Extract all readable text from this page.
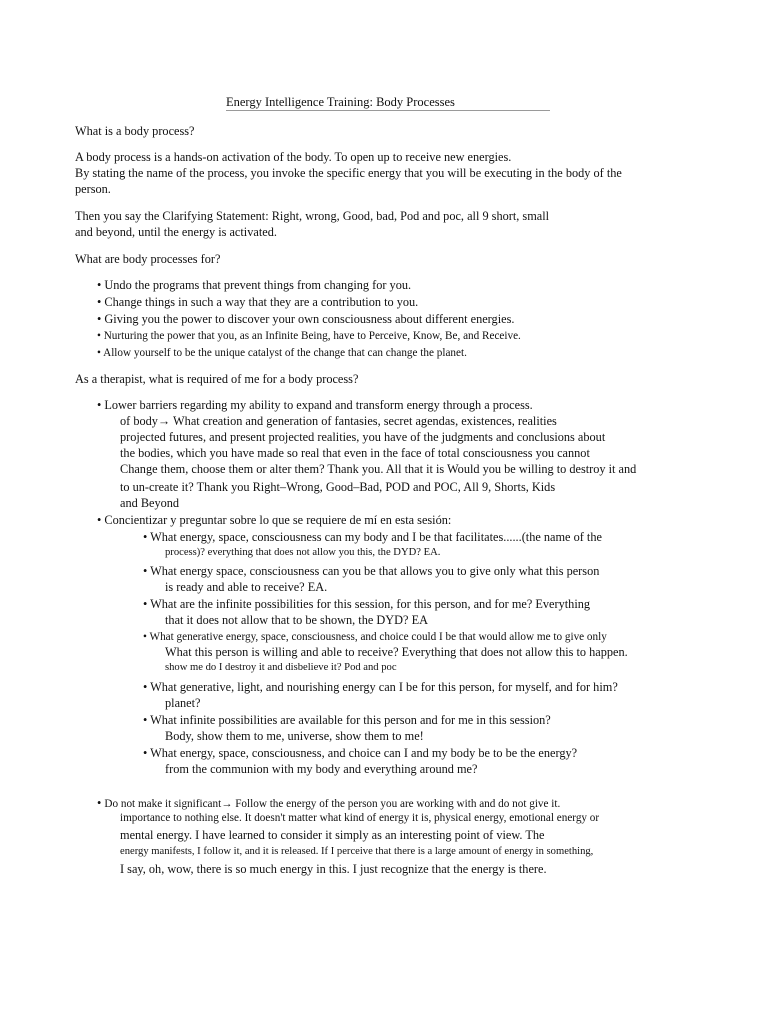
Energy Intelligence Training: Body Processes
What is a body process?
A body process is a hands-on activation of the body. To open up to receive new energies.
By stating the name of the process, you invoke the specific energy that you will be executing in the body of the
person.
Then you say the Clarifying Statement: Right, wrong, Good, bad, Pod and poc, all 9 short, small
and beyond, until the energy is activated.
What are body processes for?
• Undo the programs that prevent things from changing for you.
• Change things in such a way that they are a contribution to you.
• Giving you the power to discover your own consciousness about different energies.
• Nurturing the power that you, as an Infinite Being, have to Perceive, Know, Be, and Receive.
• Allow yourself to be the unique catalyst of the change that can change the planet.
As a therapist, what is required of me for a body process?
• Lower barriers regarding my ability to expand and transform energy through a process.
of body→ What creation and generation of fantasies, secret agendas, existences, realities
projected futures, and present projected realities, you have of the judgments and conclusions about
the bodies, which you have made so real that even in the face of total consciousness you cannot
Change them, choose them or alter them? Thank you. All that it is Would you be willing to destroy it and
to un-create it? Thank you Right–Wrong, Good–Bad, POD and POC, All 9, Shorts, Kids
and Beyond
• Concientizar y preguntar sobre lo que se requiere de mí en esta sesión:
• What energy, space, consciousness can my body and I be that facilitates......(the name of the
process)? everything that does not allow you this, the DYD? EA.
• What energy space, consciousness can you be that allows you to give only what this person
is ready and able to receive? EA.
• What are the infinite possibilities for this session, for this person, and for me? Everything
that it does not allow that to be shown, the DYD? EA
• What generative energy, space, consciousness, and choice could I be that would allow me to give only
What this person is willing and able to receive? Everything that does not allow this to happen.
show me do I destroy it and disbelieve it? Pod and poc
• What generative, light, and nourishing energy can I be for this person, for myself, and for him?
planet?
• What infinite possibilities are available for this person and for me in this session?
Body, show them to me, universe, show them to me!
• What energy, space, consciousness, and choice can I and my body be to be the energy?
from the communion with my body and everything around me?
• Do not make it significant→ Follow the energy of the person you are working with and do not give it.
importance to nothing else. It doesn't matter what kind of energy it is, physical energy, emotional energy or
mental energy. I have learned to consider it simply as an interesting point of view. The
energy manifests, I follow it, and it is released. If I perceive that there is a large amount of energy in something,
I say, oh, wow, there is so much energy in this. I just recognize that the energy is there.
